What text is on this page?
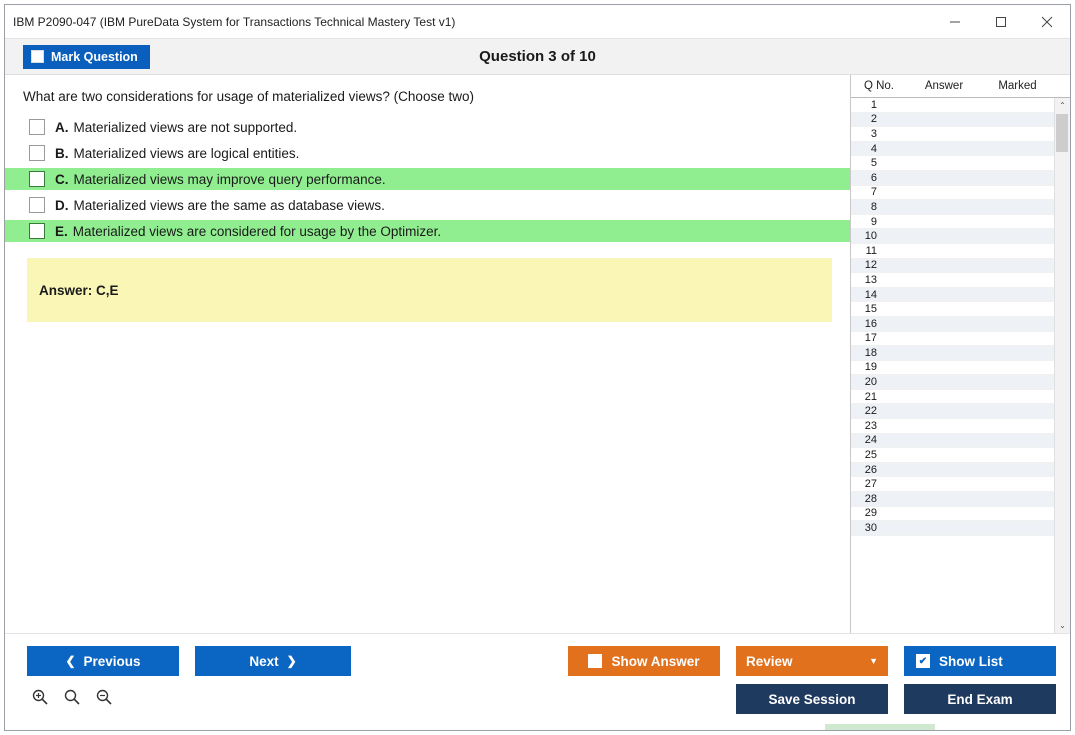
IBM P2090-047 (IBM PureData System for Transactions Technical Mastery Test v1)
Mark Question	Question 3 of 10
What are two considerations for usage of materialized views? (Choose two)
A. Materialized views are not supported.
B. Materialized views are logical entities.
C. Materialized views may improve query performance.
D. Materialized views are the same as database views.
E. Materialized views are considered for usage by the Optimizer.
Answer: C,E
Q No.	Answer	Marked
1
2
3
4
5
6
7
8
9
10
11
12
13
14
15
16
17
18
19
20
21
22
23
24
25
26
27
28
29
30
⌃
⌄
❮ Previous	Next ❯	Show Answer	Review	▼	✔ Show List
Save Session	End Exam
